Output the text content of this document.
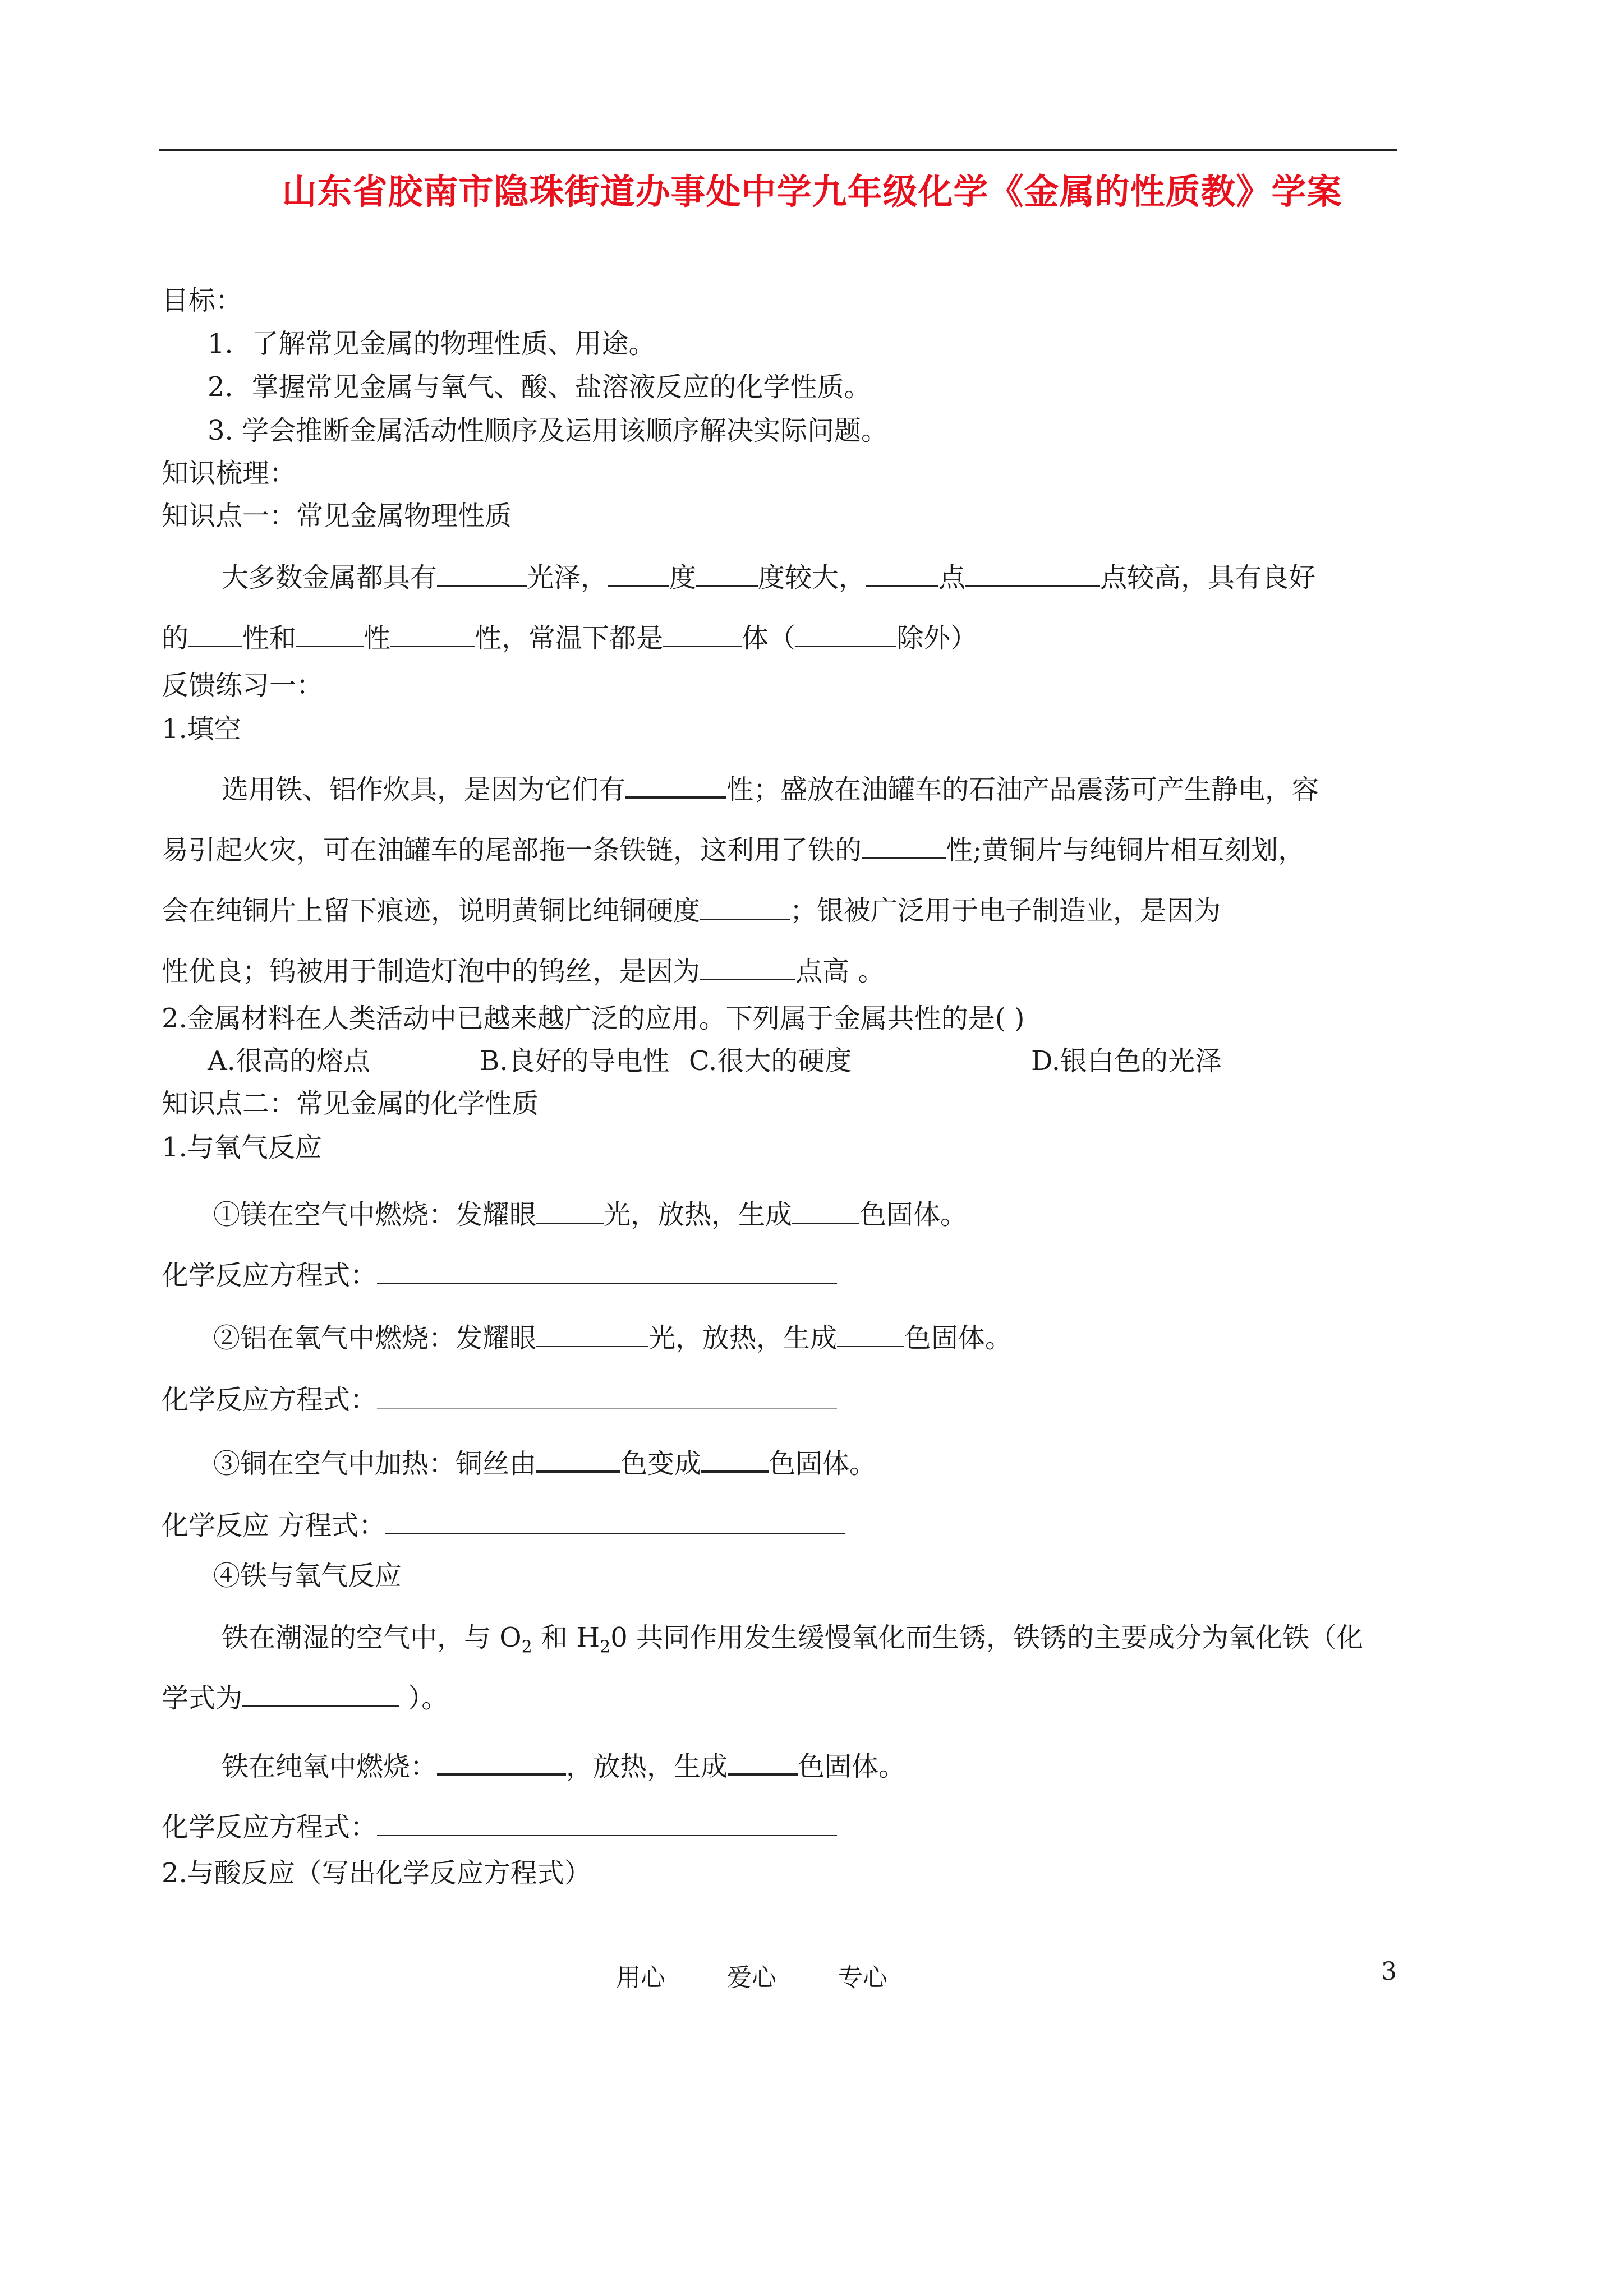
山东省胶南市隐珠街道办事处中学九年级化学《金属的性质教》学案
目标：
1．了解常见金属的物理性质、用途。
2．掌握常见金属与氧气、酸、盐溶液反应的化学性质。
3. 学会推断金属活动性顺序及运用该顺序解决实际问题。
知识梳理：
知识点一：常见金属物理性质
大多数金属都具有	光泽， 度 度较大，	点	点较高，具有良好
的 性和	性	性，常温下都是	体（	除外）
反馈练习一：
1.填空
选用铁、铝作炊具，是因为它们有	性；盛放在油罐车的石油产品震荡可产生静电，容
易引起火灾，可在油罐车的尾部拖一条铁链，这利用了铁的	性;黄铜片与纯铜片相互刻划，
会在纯铜片上留下痕迹，说明黄铜比纯铜硬度	；银被广泛用于电子制造业，是因为
性优良；钨被用于制造灯泡中的钨丝，是因为	点高 。
2.金属材料在人类活动中已越来越广泛的应用。下列属于金属共性的是( )
A.很高的熔点	B.良好的导电性 C.很大的硬度	D.银白色的光泽
知识点二：常见金属的化学性质
1.与氧气反应
①镁在空气中燃烧：发耀眼	光，放热，生成	色固体。
化学反应方程式：
②铝在氧气中燃烧：发耀眼	光，放热，生成	色固体。
化学反应方程式：
③铜在空气中加热：铜丝由	色变成	色固体。
化学反应 方程式：
④铁与氧气反应
铁在潮湿的空气中，与 $O_2$ 和 $H_20$ 共同作用发生缓慢氧化而生锈，铁锈的主要成分为氧化铁（化
学式为	）。
铁在纯氧中燃烧：	，放热，生成	色固体。
化学反应方程式：
2.与酸反应（写出化学反应方程式）
用心	爱心	专心	3
